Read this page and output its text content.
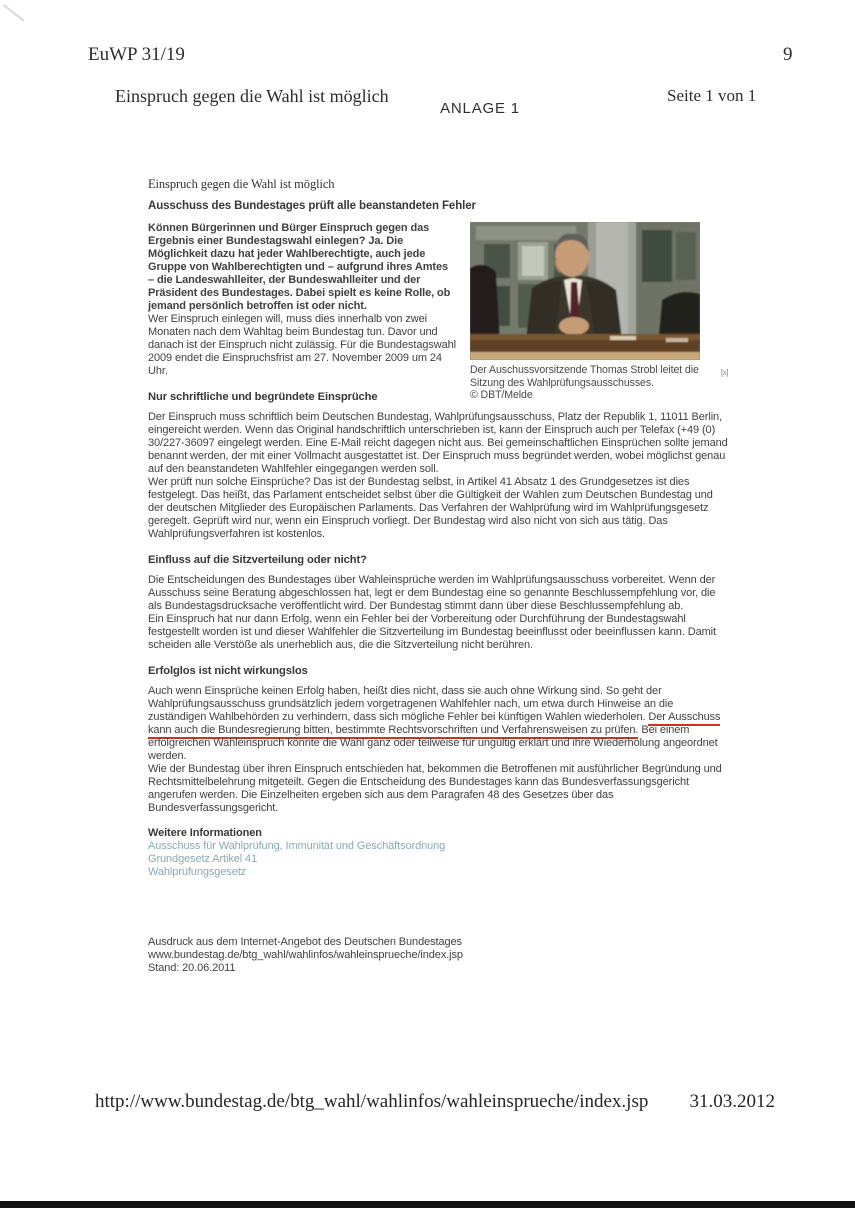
EuWP 31/19	9
Einspruch gegen die Wahl ist möglich	Seite 1 von 1
ANLAGE 1
Einspruch gegen die Wahl ist möglich
Ausschuss des Bundestages prüft alle beanstandeten Fehler
Der Auschussvorsitzende Thomas Strobl leitet die Sitzung des Wahlprüfungsausschusses.
© DBT/Melde
[x]

Können Bürgerinnen und Bürger Einspruch gegen das Ergebnis einer Bundestagswahl einlegen? Ja. Die Möglichkeit dazu hat jeder Wahlberechtigte, auch jede Gruppe von Wahlberechtigten und – aufgrund ihres Amtes – die Landeswahlleiter, der Bundeswahlleiter und der Präsident des Bundestages. Dabei spielt es keine Rolle, ob jemand persönlich betroffen ist oder nicht.

Wer Einspruch einlegen will, muss dies innerhalb von zwei Monaten nach dem Wahltag beim Bundestag tun. Davor und danach ist der Einspruch nicht zulässig. Für die Bundestagswahl 2009 endet die Einspruchsfrist am 27. November 2009 um 24 Uhr.

Nur schriftliche und begründete Einsprüche

Der Einspruch muss schriftlich beim Deutschen Bundestag, Wahlprüfungsausschuss, Platz der Republik 1, 11011 Berlin, eingereicht werden. Wenn das Original handschriftlich unterschrieben ist, kann der Einspruch auch per Telefax (+49 (0) 30/227-36097 eingelegt werden. Eine E-Mail reicht dagegen nicht aus. Bei gemeinschaftlichen Einsprüchen sollte jemand benannt werden, der mit einer Vollmacht ausgestattet ist. Der Einspruch muss begründet werden, wobei möglichst genau auf den beanstandeten Wahlfehler eingegangen werden soll.

Wer prüft nun solche Einsprüche? Das ist der Bundestag selbst, in Artikel 41 Absatz 1 des Grundgesetzes ist dies festgelegt. Das heißt, das Parlament entscheidet selbst über die Gültigkeit der Wahlen zum Deutschen Bundestag und der deutschen Mitglieder des Europäischen Parlaments. Das Verfahren der Wahlprüfung wird im Wahlprüfungsgesetz geregelt. Geprüft wird nur, wenn ein Einspruch vorliegt. Der Bundestag wird also nicht von sich aus tätig. Das Wahlprüfungsverfahren ist kostenlos.

Einfluss auf die Sitzverteilung oder nicht?

Die Entscheidungen des Bundestages über Wahleinsprüche werden im Wahlprüfungsausschuss vorbereitet. Wenn der Ausschuss seine Beratung abgeschlossen hat, legt er dem Bundestag eine so genannte Beschlussempfehlung vor, die als Bundestagsdrucksache veröffentlicht wird. Der Bundestag stimmt dann über diese Beschlussempfehlung ab.

Ein Einspruch hat nur dann Erfolg, wenn ein Fehler bei der Vorbereitung oder Durchführung der Bundestagswahl festgestellt worden ist und dieser Wahlfehler die Sitzverteilung im Bundestag beeinflusst oder beeinflussen kann. Damit scheiden alle Verstöße als unerheblich aus, die die Sitzverteilung nicht berühren.

Erfolglos ist nicht wirkungslos

Auch wenn Einsprüche keinen Erfolg haben, heißt dies nicht, dass sie auch ohne Wirkung sind. So geht der Wahlprüfungsausschuss grundsätzlich jedem vorgetragenen Wahlfehler nach, um etwa durch Hinweise an die zuständigen Wahlbehörden zu verhindern, dass sich mögliche Fehler bei künftigen Wahlen wiederholen. Der Ausschuss kann auch die Bundesregierung bitten, bestimmte Rechtsvorschriften und Verfahrensweisen zu prüfen. Bei einem erfolgreichen Wahleinspruch könnte die Wahl ganz oder teilweise für ungültig erklärt und ihre Wiederholung angeordnet werden.

Wie der Bundestag über ihren Einspruch entschieden hat, bekommen die Betroffenen mit ausführlicher Begründung und Rechtsmittelbelehrung mitgeteilt. Gegen die Entscheidung des Bundestages kann das Bundesverfassungsgericht angerufen werden. Die Einzelheiten ergeben sich aus dem Paragrafen 48 des Gesetzes über das Bundesverfassungsgericht.

Weitere Informationen
Ausschuss für Wahlprüfung, Immunität und Geschäftsordnung
Grundgesetz Artikel 41
Wahlprüfungsgesetz
Ausdruck aus dem Internet-Angebot des Deutschen Bundestages
www.bundestag.de/btg_wahl/wahlinfos/wahleinsprueche/index.jsp
Stand: 20.06.2011
http://www.bundestag.de/btg_wahl/wahlinfos/wahleinsprueche/index.jsp 31.03.2012
